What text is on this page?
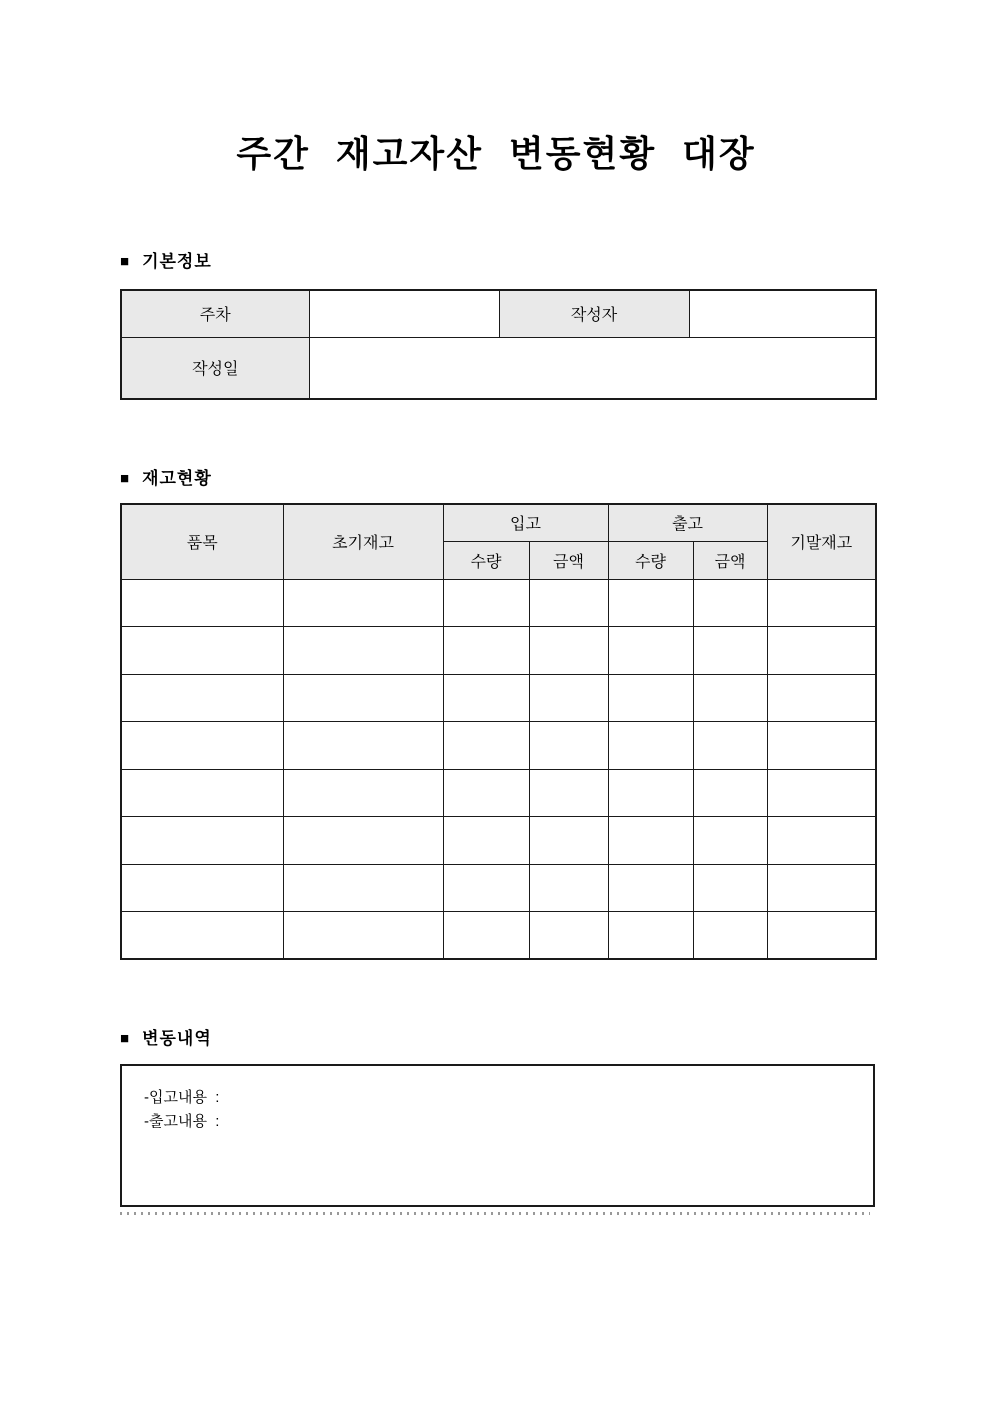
주간 재고자산 변동현황 대장
■ 기본정보
주차		작성자	
작성일			
■ 재고현황
품목	초기재고	입고		출고		기말재고
		수량	금액	수량	금액	

■ 변동내역
-입고내용  :
-출고내용  :
